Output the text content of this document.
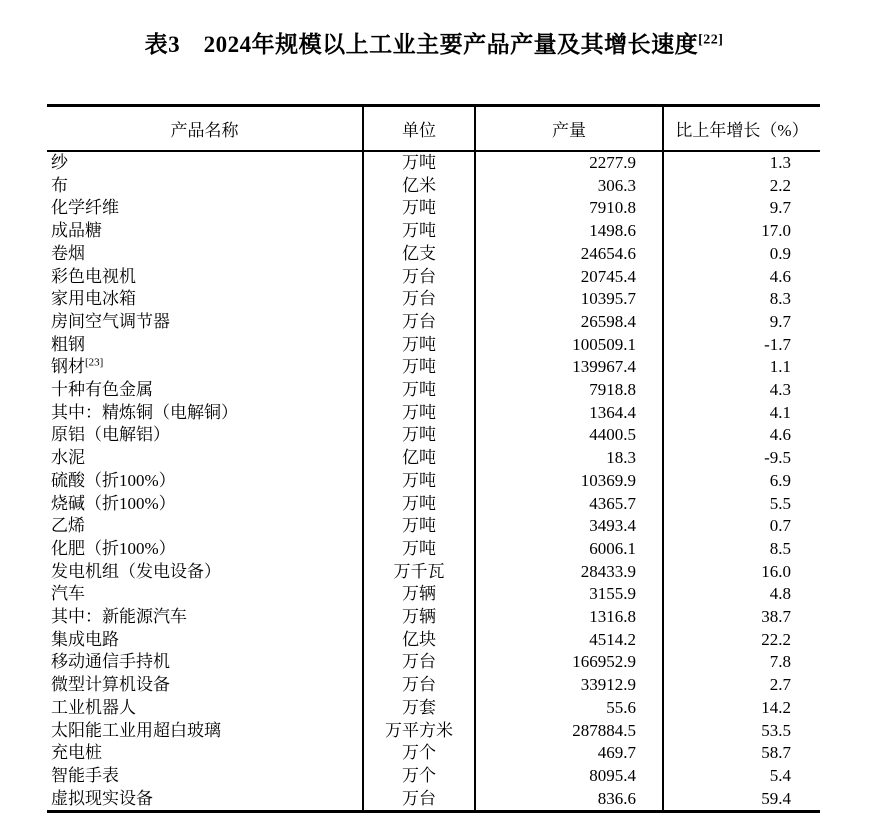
表3　2024年规模以上工业主要产品产量及其增长速度[22]
产品名称	单位	产量	比上年增长（%）
纱	万吨	2277.9	1.3
布	亿米	306.3	2.2
化学纤维	万吨	7910.8	9.7
成品糖	万吨	1498.6	17.0
卷烟	亿支	24654.6	0.9
彩色电视机	万台	20745.4	4.6
家用电冰箱	万台	10395.7	8.3
房间空气调节器	万台	26598.4	9.7
粗钢	万吨	100509.1	-1.7
钢材[23]	万吨	139967.4	1.1
十种有色金属	万吨	7918.8	4.3
其中：精炼铜（电解铜）	万吨	1364.4	4.1
原铝（电解铝）	万吨	4400.5	4.6
水泥	亿吨	18.3	-9.5
硫酸（折100%）	万吨	10369.9	6.9
烧碱（折100%）	万吨	4365.7	5.5
乙烯	万吨	3493.4	0.7
化肥（折100%）	万吨	6006.1	8.5
发电机组（发电设备）	万千瓦	28433.9	16.0
汽车	万辆	3155.9	4.8
其中：新能源汽车	万辆	1316.8	38.7
集成电路	亿块	4514.2	22.2
移动通信手持机	万台	166952.9	7.8
微型计算机设备	万台	33912.9	2.7
工业机器人	万套	55.6	14.2
太阳能工业用超白玻璃	万平方米	287884.5	53.5
充电桩	万个	469.7	58.7
智能手表	万个	8095.4	5.4
虚拟现实设备	万台	836.6	59.4
